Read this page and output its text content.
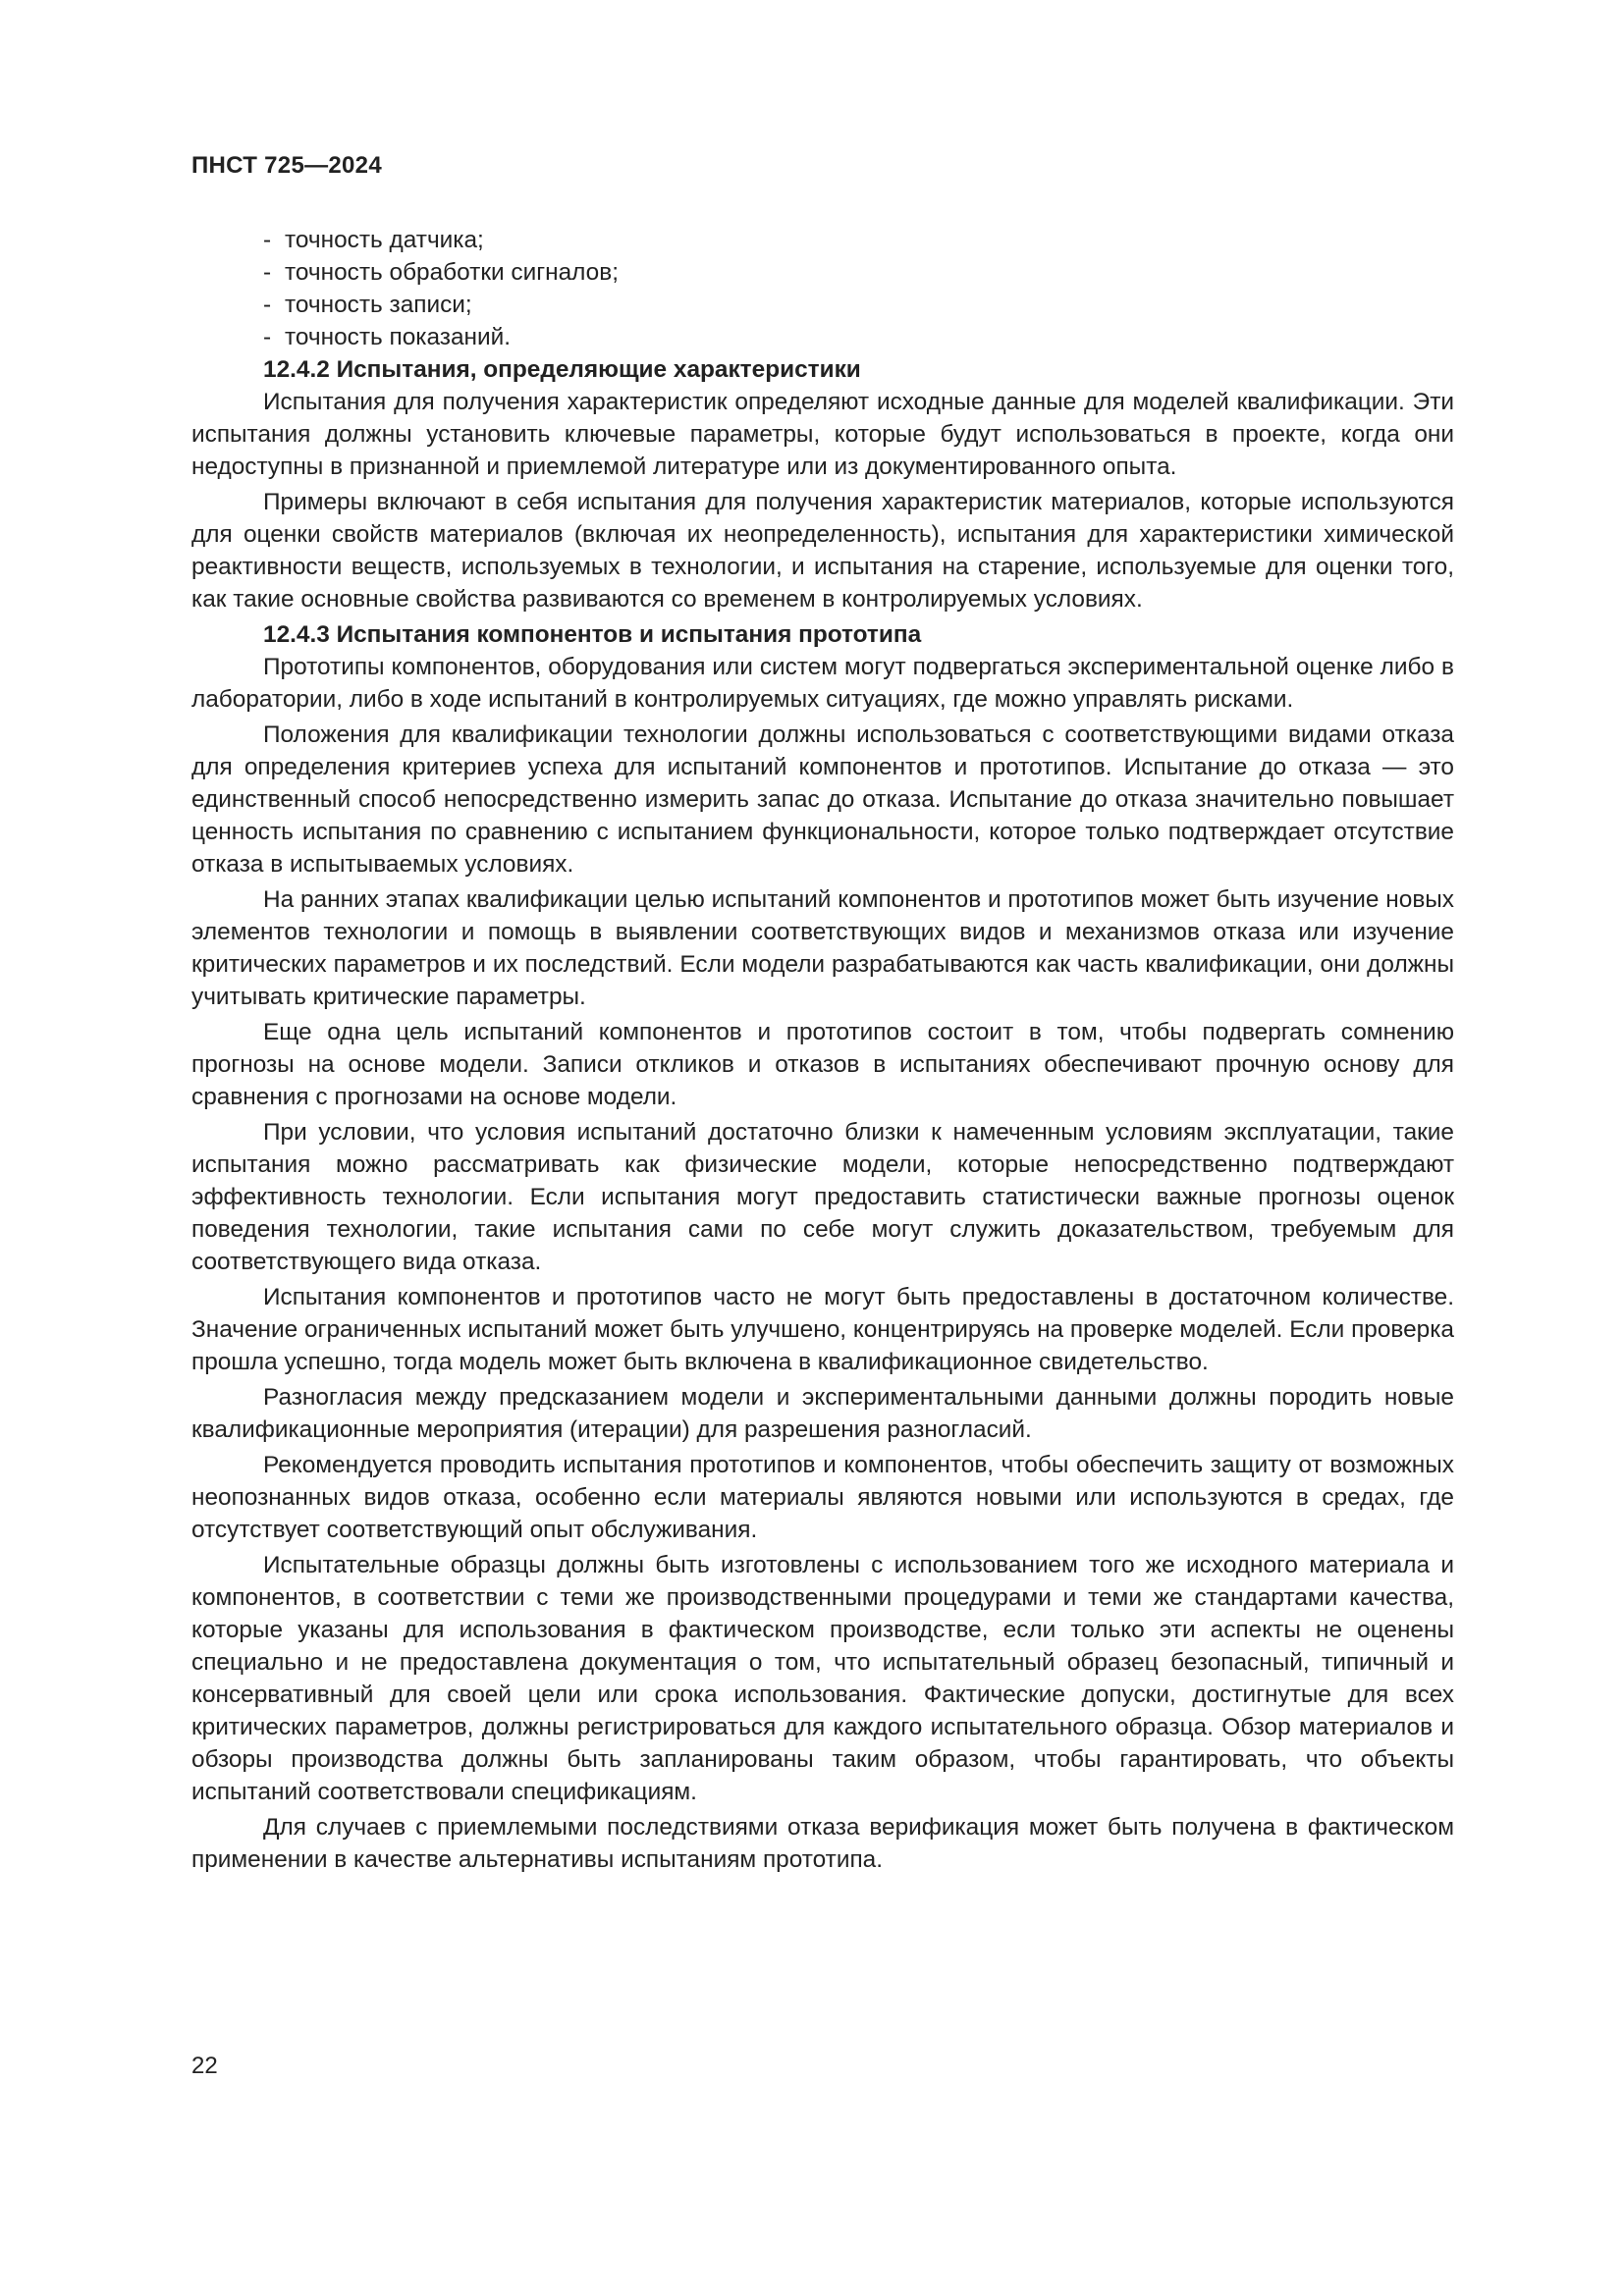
ПНСТ 725—2024
- точность датчика;
- точность обработки сигналов;
- точность записи;
- точность показаний.
12.4.2 Испытания, определяющие характеристики

Испытания для получения характеристик определяют исходные данные для моделей квалификации. Эти испытания должны установить ключевые параметры, которые будут использоваться в проекте, когда они недоступны в признанной и приемлемой литературе или из документированного опыта.

Примеры включают в себя испытания для получения характеристик материалов, которые используются для оценки свойств материалов (включая их неопределенность), испытания для характеристики химической реактивности веществ, используемых в технологии, и испытания на старение, используемые для оценки того, как такие основные свойства развиваются со временем в контролируемых условиях.

12.4.3 Испытания компонентов и испытания прототипа

Прототипы компонентов, оборудования или систем могут подвергаться экспериментальной оценке либо в лаборатории, либо в ходе испытаний в контролируемых ситуациях, где можно управлять рисками.

Положения для квалификации технологии должны использоваться с соответствующими видами отказа для определения критериев успеха для испытаний компонентов и прототипов. Испытание до отказа — это единственный способ непосредственно измерить запас до отказа. Испытание до отказа значительно повышает ценность испытания по сравнению с испытанием функциональности, которое только подтверждает отсутствие отказа в испытываемых условиях.

На ранних этапах квалификации целью испытаний компонентов и прототипов может быть изучение новых элементов технологии и помощь в выявлении соответствующих видов и механизмов отказа или изучение критических параметров и их последствий. Если модели разрабатываются как часть квалификации, они должны учитывать критические параметры.

Еще одна цель испытаний компонентов и прототипов состоит в том, чтобы подвергать сомнению прогнозы на основе модели. Записи откликов и отказов в испытаниях обеспечивают прочную основу для сравнения с прогнозами на основе модели.

При условии, что условия испытаний достаточно близки к намеченным условиям эксплуатации, такие испытания можно рассматривать как физические модели, которые непосредственно подтверждают эффективность технологии. Если испытания могут предоставить статистически важные прогнозы оценок поведения технологии, такие испытания сами по себе могут служить доказательством, требуемым для соответствующего вида отказа.

Испытания компонентов и прототипов часто не могут быть предоставлены в достаточном количестве. Значение ограниченных испытаний может быть улучшено, концентрируясь на проверке моделей. Если проверка прошла успешно, тогда модель может быть включена в квалификационное свидетельство.

Разногласия между предсказанием модели и экспериментальными данными должны породить новые квалификационные мероприятия (итерации) для разрешения разногласий.

Рекомендуется проводить испытания прототипов и компонентов, чтобы обеспечить защиту от возможных неопознанных видов отказа, особенно если материалы являются новыми или используются в средах, где отсутствует соответствующий опыт обслуживания.

Испытательные образцы должны быть изготовлены с использованием того же исходного материала и компонентов, в соответствии с теми же производственными процедурами и теми же стандартами качества, которые указаны для использования в фактическом производстве, если только эти аспекты не оценены специально и не предоставлена документация о том, что испытательный образец безопасный, типичный и консервативный для своей цели или срока использования. Фактические допуски, достигнутые для всех критических параметров, должны регистрироваться для каждого испытательного образца. Обзор материалов и обзоры производства должны быть запланированы таким образом, чтобы гарантировать, что объекты испытаний соответствовали спецификациям.

Для случаев с приемлемыми последствиями отказа верификация может быть получена в фактическом применении в качестве альтернативы испытаниям прототипа.

22
